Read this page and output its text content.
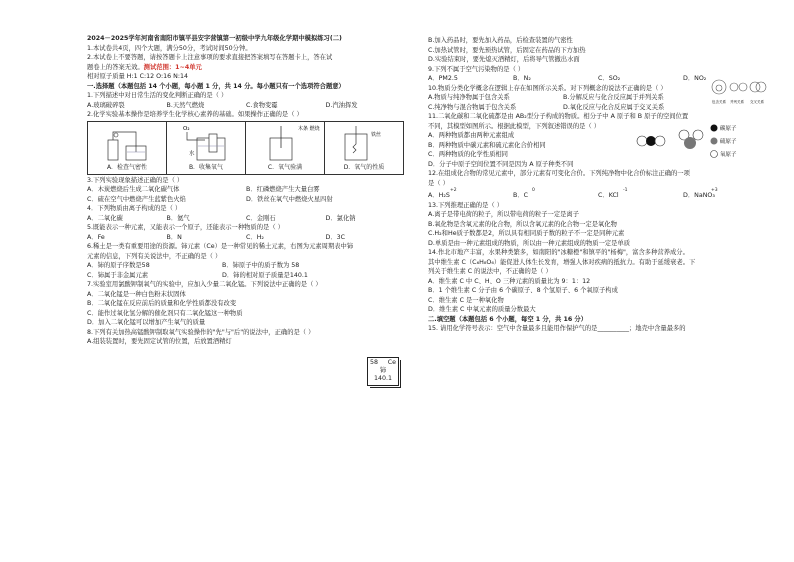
2024－2025学年河南省南阳市镇平县安字营镇第一初级中学九年级化学期中模拟练习(二)
1.本试卷共4页，四个大题，满分50分，考试时间50分钟。
2.本试卷上不要答题，请按答题卡上注意事项的要求直接把答案填写在答题卡上，答在试
题卷上的答案无效。测试范围：1~4单元
相对原子质量 H:1 C:12 O:16 N:14
一.选择题（本题包括 14 个小题，每小题 1 分，共 14 分。每小题只有一个选项符合题意）
1.下列描述中对日常生活的变化判断正确的是（ ）
A.玻璃破碎裂	B.天然气燃烧	C.食物变霉	D.汽油挥发
2.化学实验基本操作是培养学生化学核心素养的基础。如果操作正确的是（ ）
A．检查气密性
O₂
水
B．收集氧气
木条 燃烧
C．氧气验满
铁丝
D．氧气的性质
3.下列实验现象描述正确的是（ ）
A．木炭燃烧后生成二氧化碳气体	B．红磷燃烧产生大量白雾
C．硫在空气中燃烧产生蓝紫色火焰	D．铁丝在氧气中燃烧火星四射
4．下列物质由离子构成的是（ ）
A．二氧化碳	B．氦气	C．金刚石	D．氯化钠
5.既能表示一种元素，又能表示一个原子，还能表示一种物质的是（ ）
A．Fe	B．N	C．H₂	D．3C
6.稀土是一类有重要用途的资源。铈元素（Ce）是一种常见的稀土元素，右图为元素周期表中铈
元素的信息，下列有关说法中，不正确的是（ ）
A．铈的原子序数是58	B．铈原子中的质子数为 58
C．铈属于非金属元素	D．铈的相对原子质量是140.1
7.实验室用氯酸钾制氧气的实验中，应加入少量二氧化锰。下列说法中正确的是（ ）
A．二氧化锰是一种白色粉末状固体
B．二氧化锰在反应前后的质量和化学性质都没有改变
C．能作过氧化氢分解的催化剂只有二氧化锰这一种物质
D．加入二氧化锰可以增加产生氧气的质量
8.下列有关加热高锰酸钾制取氧气实验操作的"先"与"后"的说法中，正确的是（ ）
A.组装装置时，要先固定试管的位置，后放置酒精灯
58 Ce
铈
140.1
B.加入药品时，要先加入药品，后检查装置的气密性
C.加热试管时，要先预热试管，后固定在药品的下方加热
D.实验结束时，要先熄灭酒精灯，后将导气管撤出水面
9.下列不属于空气污染物的是（ ）
A．PM2.5	B．N₂	C．SO₂	D．NO₂
10.物质分类化学概念在逻辑上存在如图所示关系。对下列概念的说法不正确的是（ ）
A.物质与纯净物属于包含关系	B.分解反应与化合反应属于并列关系
C.纯净物与混合物属于包含关系	D.氧化反应与化合反应属于交叉关系
包含关系 并列关系 交叉关系
11.二氧化碳和二氧化硫都是由 AB₂型分子构成的物质。相分子中 A 原子和 B 原子的空间位置
不同，其模型如图所示。根据此模型，下列叙述错误的是（ ）
A．两种物质都由两种元素组成
B．两种物质中碳元素和硫元素化合价相同
C．两种物质的化学性质相同
D．分子中原子空间位置不同是因为 A 原子种类不同
碳原子
硫原子
氧原子
12.在组成化合物的常见元素中，部分元素有可变化合价。下列纯净物中化合价标注正确的一项
是（ ）
A．H₂S
+2
B．C
0
C．KCl
-1
D．NaNO₃
+3
13.下列推理正确的是（ ）
A.离子是带电荷的粒子，所以带电荷的粒子一定是离子
B.氧化物是含氧元素的化合物，所以含氧元素的化合物一定是氧化物
C.H₂和He质子数都是2，所以具有相同质子数的粒子不一定是同种元素
D.单质是由一种元素组成的物质，所以由一种元素组成的物质一定是单质
14.作北市地产丰富，水果种类繁多，如南阳的"冰糖橙"和镇平的"杨梅"，富含多种营养成分。
其中维生素 C（C₆H₈O₆）能促进人体生长发育，增强人体对疾病的抵抗力。有助于延缓衰老。下
列关于维生素 C 的说法中，不正确的是（ ）
A．维生素 C 中 C、H、O 三种元素的质量比为 9：1：12
B．1 个维生素 C 分子由 6 个碳原子、8 个氢原子、6 个氧原子构成
C．维生素 C 是一种氧化物
D．维生素 C 中氧元素的质量分数最大
二.填空题（本题包括 6 个小题，每空 1 分，共 16 分）
15. 请用化学符号表示：空气中含量最多且能用作保护气的是__________；地壳中含量最多的
